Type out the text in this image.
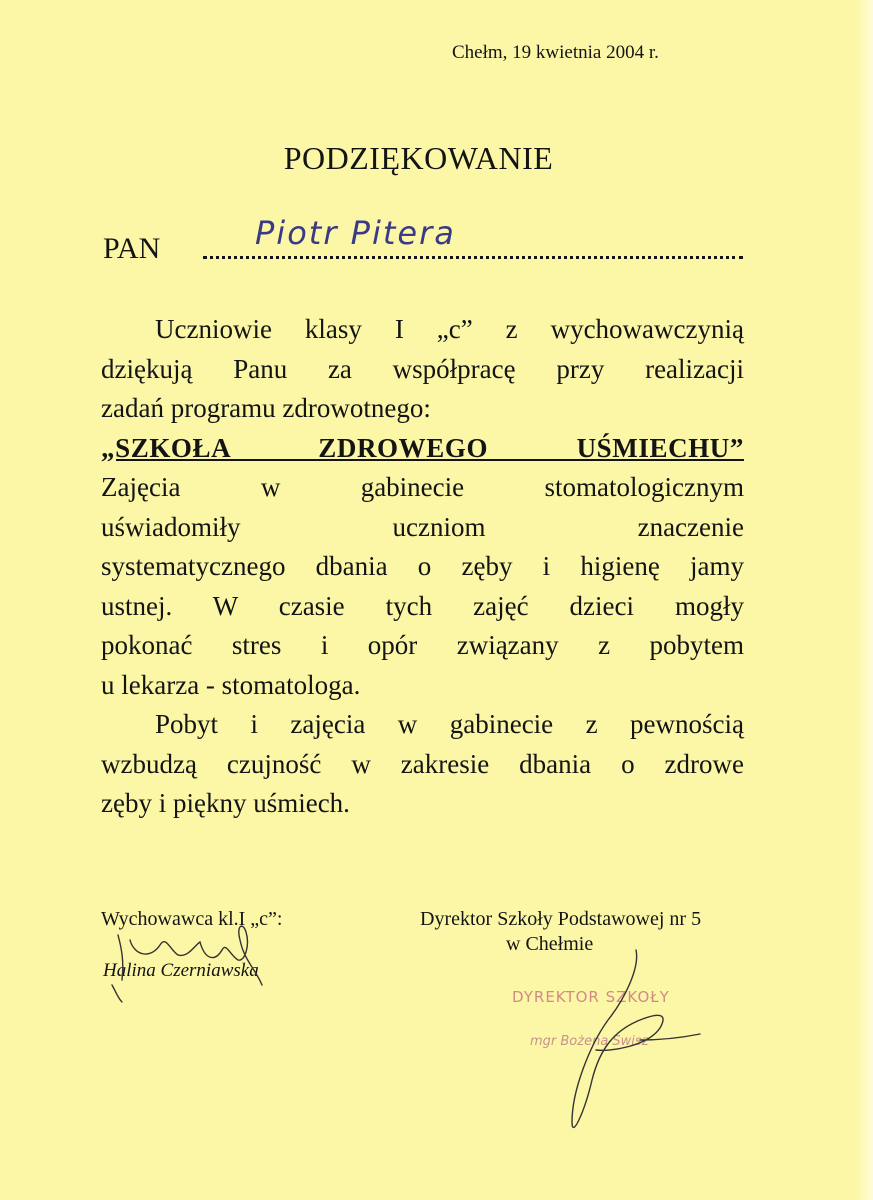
Chełm, 19 kwietnia 2004 r.
PODZIĘKOWANIE
PAN	Piotr Pitera
Uczniowie klasy I „c” z wychowawczynią
dziękują Panu za współpracę przy realizacji
zadań programu zdrowotnego:
„SZKOŁA ZDROWEGO UŚMIECHU”
Zajęcia w gabinecie stomatologicznym
uświadomiły uczniom znaczenie
systematycznego dbania o zęby i higienę jamy
ustnej. W czasie tych zajęć dzieci mogły
pokonać stres i opór związany z pobytem
u lekarza - stomatologa.
Pobyt i zajęcia w gabinecie z pewnością
wzbudzą czujność w zakresie dbania o zdrowe
zęby i piękny uśmiech.
Wychowawca kl.I „c”:
Halina Czerniawska
Dyrektor Szkoły Podstawowej nr 5
w Chełmie
DYREKTOR SZKOŁY
mgr Bożena Świsz
